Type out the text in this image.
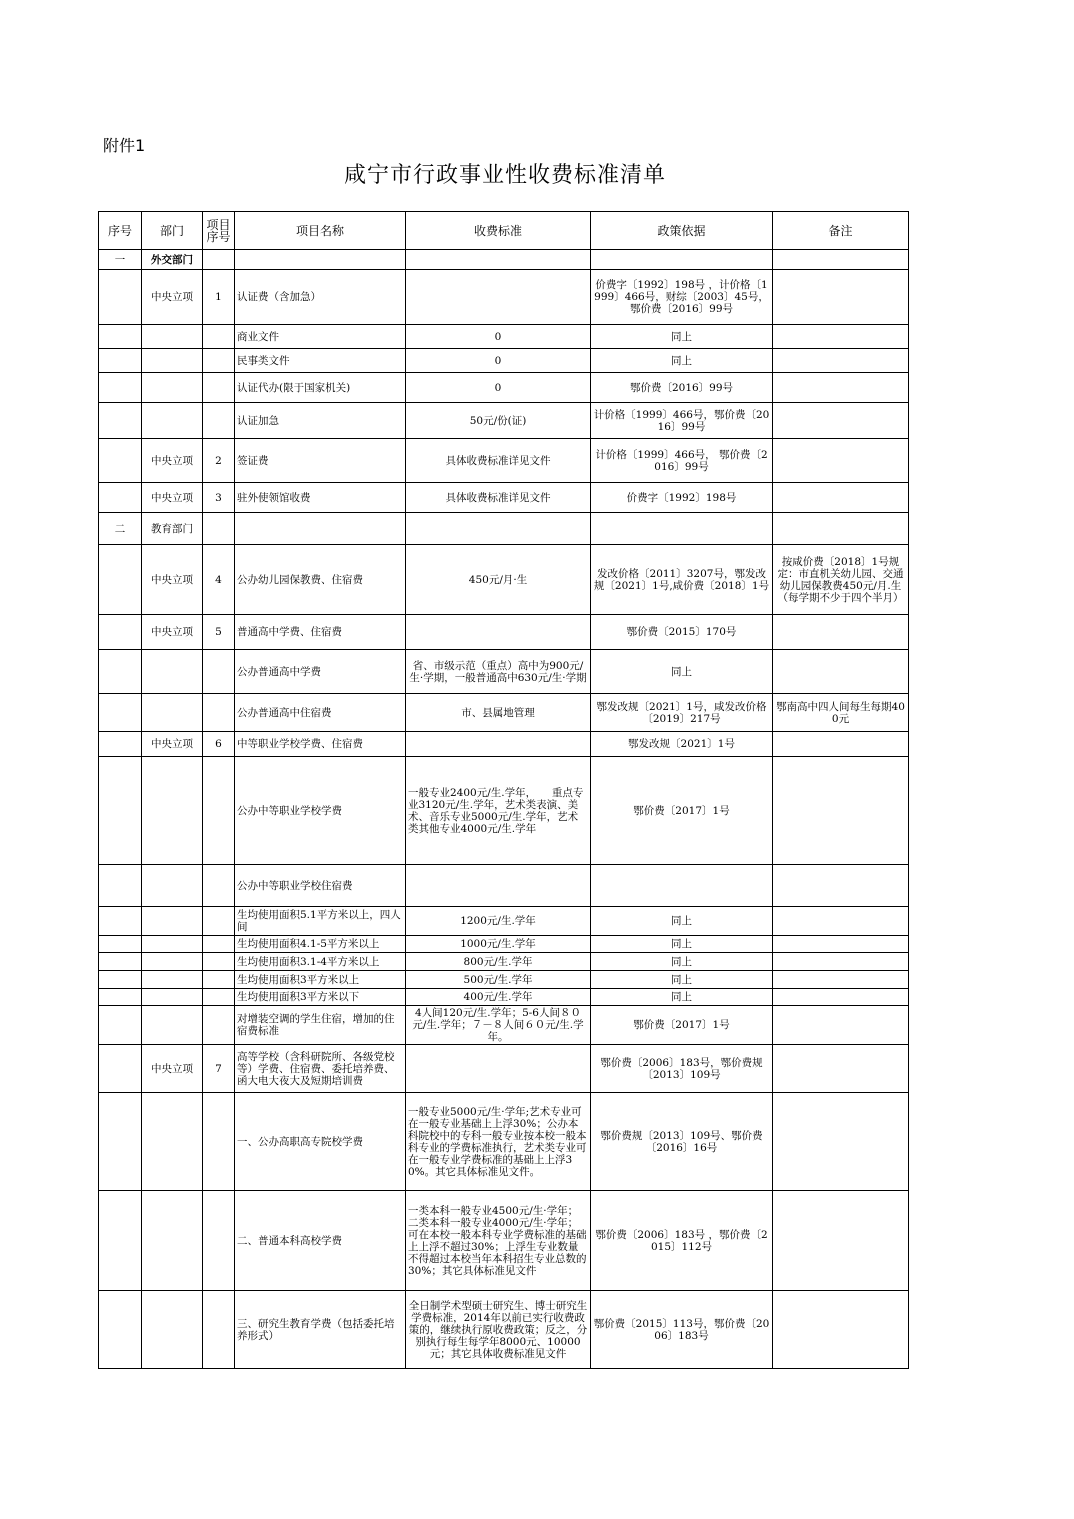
附件1
咸宁市行政事业性收费标准清单
序号	部门	项目序号	项目名称	收费标准	政策依据	备注
一	外交部门					
	中央立项	1	认证费（含加急）		价费字〔1992〕198号 ，计价格〔1999〕466号，财综〔2003〕45号，鄂价费〔2016〕99号	
			商业文件	0	同上	
			民事类文件	0	同上	
			认证代办(限于国家机关)	0	鄂价费〔2016〕99号	
			认证加急	50元/份(证)	计价格〔1999〕466号，鄂价费〔2016〕99号	
	中央立项	2	签证费	具体收费标准详见文件	计价格〔1999〕466号， 鄂价费〔2016〕99号	
	中央立项	3	驻外使领馆收费	具体收费标准详见文件	价费字〔1992〕198号	
二	教育部门					
	中央立项	4	公办幼儿园保教费、住宿费	450元/月·生	发改价格〔2011〕3207号，鄂发改规〔2021〕1号,咸价费〔2018〕1号	按咸价费〔2018〕1号规定：市直机关幼儿园、交通幼儿园保教费450元/月.生（每学期不少于四个半月）
	中央立项	5	普通高中学费、住宿费		鄂价费〔2015〕170号	
			公办普通高中学费	省、市级示范（重点）高中为900元/生·学期，一般普通高中630元/生·学期	同上	
			公办普通高中住宿费	市、县属地管理	鄂发改规〔2021〕1号，咸发改价格〔2019〕217号	鄂南高中四人间每生每期400元
	中央立项	6	中等职业学校学费、住宿费		鄂发改规〔2021〕1号	
			公办中等职业学校学费	一般专业2400元/生.学年，　　重点专业3120元/生.学年，艺术类表演、美术、音乐专业5000元/生.学年，艺术类其他专业4000元/生.学年	鄂价费〔2017〕1号	
			公办中等职业学校住宿费			
			生均使用面积5.1平方米以上，四人间	1200元/生.学年	同上	
			生均使用面积4.1-5平方米以上	1000元/生.学年	同上	
			生均使用面积3.1-4平方米以上	800元/生.学年	同上	
			生均使用面积3平方米以上	500元/生.学年	同上	
			生均使用面积3平方米以下	400元/生.学年	同上	
			对增装空调的学生住宿，增加的住宿费标准	4人间120元/生.学年；5-6人间８０元/生.学年；７－８人间６０元/生.学年。	鄂价费〔2017〕1号	
	中央立项	7	高等学校（含科研院所、各级党校等）学费、住宿费、委托培养费、函大电大夜大及短期培训费		鄂价费〔2006〕183号，鄂价费规〔2013〕109号	
			一、公办高职高专院校学费	一般专业5000元/生·学年;艺术专业可在一般专业基础上上浮30%；公办本科院校中的专科一般专业按本校一般本科专业的学费标准执行，艺术类专业可在一般专业学费标准的基础上上浮30%。其它具体标准见文件。	鄂价费规〔2013〕109号、鄂价费〔2016〕16号	
			二、普通本科高校学费	一类本科一般专业4500元/生·学年；二类本科一般专业4000元/生·学年；可在本校一般本科专业学费标准的基础上上浮不超过30%；上浮生专业数量不得超过本校当年本科招生专业总数的30%；其它具体标准见文件	鄂价费〔2006〕183号 ，鄂价费〔2015〕112号	
			三、研究生教育学费（包括委托培养形式）	全日制学术型硕士研究生、博士研究生学费标准，2014年以前已实行收费政策的，继续执行原收费政策；反之，分别执行每生每学年8000元、10000元；其它具体收费标准见文件	鄂价费〔2015〕113号，鄂价费〔2006〕183号	
